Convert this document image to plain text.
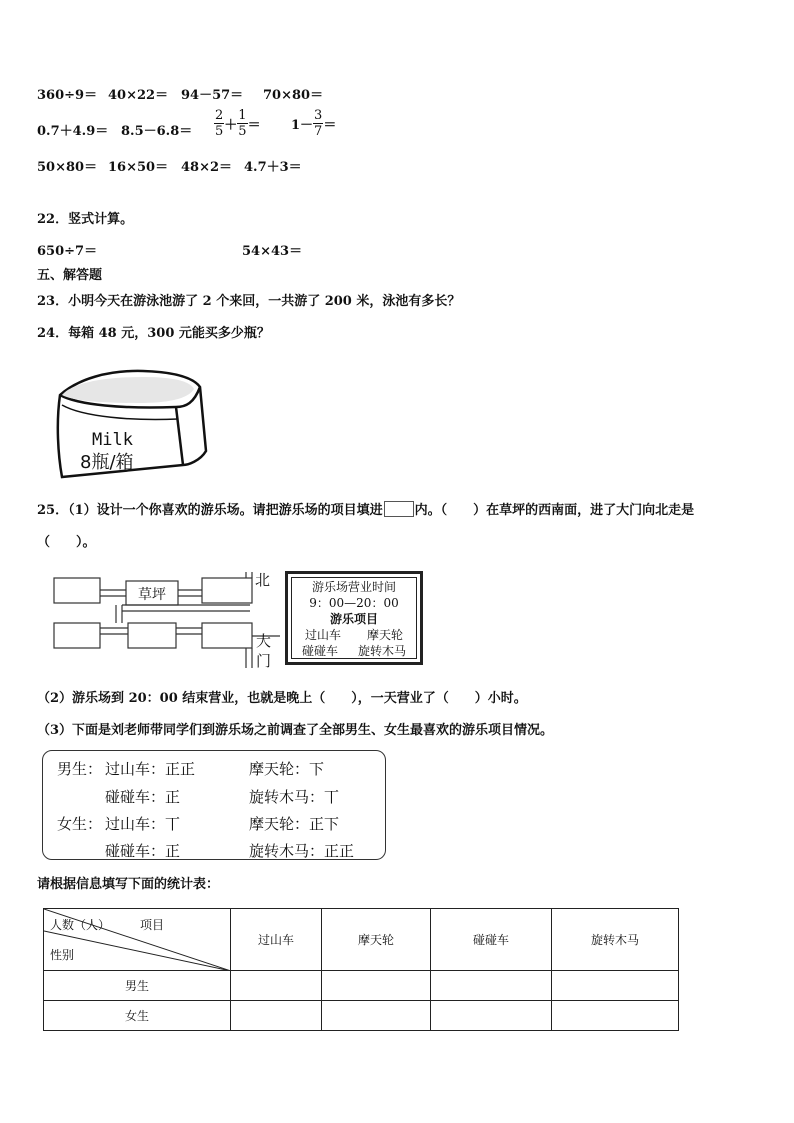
360÷9＝ 40×22＝ 94－57＝ 70×80＝
$0.7+4.9= 8.5-6.8= \frac{2}{5} + \frac{1}{5} = 1- \frac{3}{7}$ ＝
50×80＝ 16×50＝ 48×2＝ 4.7＋3＝
22．竖式计算。
650÷7＝	54×43＝
五、解答题
23．小明今天在游泳池游了 2 个来回，一共游了 200 米，泳池有多长？
24．每箱 48 元，300 元能买多少瓶？
Milk
8瓶/箱
25．（1）设计一个你喜欢的游乐场。请把游乐场的项目填进 内。（　　）在草坪的西南面，进了大门向北走是
（　　）。
草坪
北
大
门
游乐场营业时间
9：00—20：00
游乐项目
过山车 摩天轮
碰碰车 旋转木马
（2）游乐场到 20：00 结束营业，也就是晚上（　　），一天营业了（　　）小时。
（3）下面是刘老师带同学们到游乐场之前调查了全部男生、女生最喜欢的游乐项目情况。
男生： 过山车：正正	摩天轮：下
碰碰车：正	旋转木马：丅
女生： 过山车：丅	摩天轮：正下
碰碰车：正	旋转木马：正正
请根据信息填写下面的统计表：
人数（人） 项目
性别	过山车	摩天轮	碰碰车	旋转木马
男生				
女生				
